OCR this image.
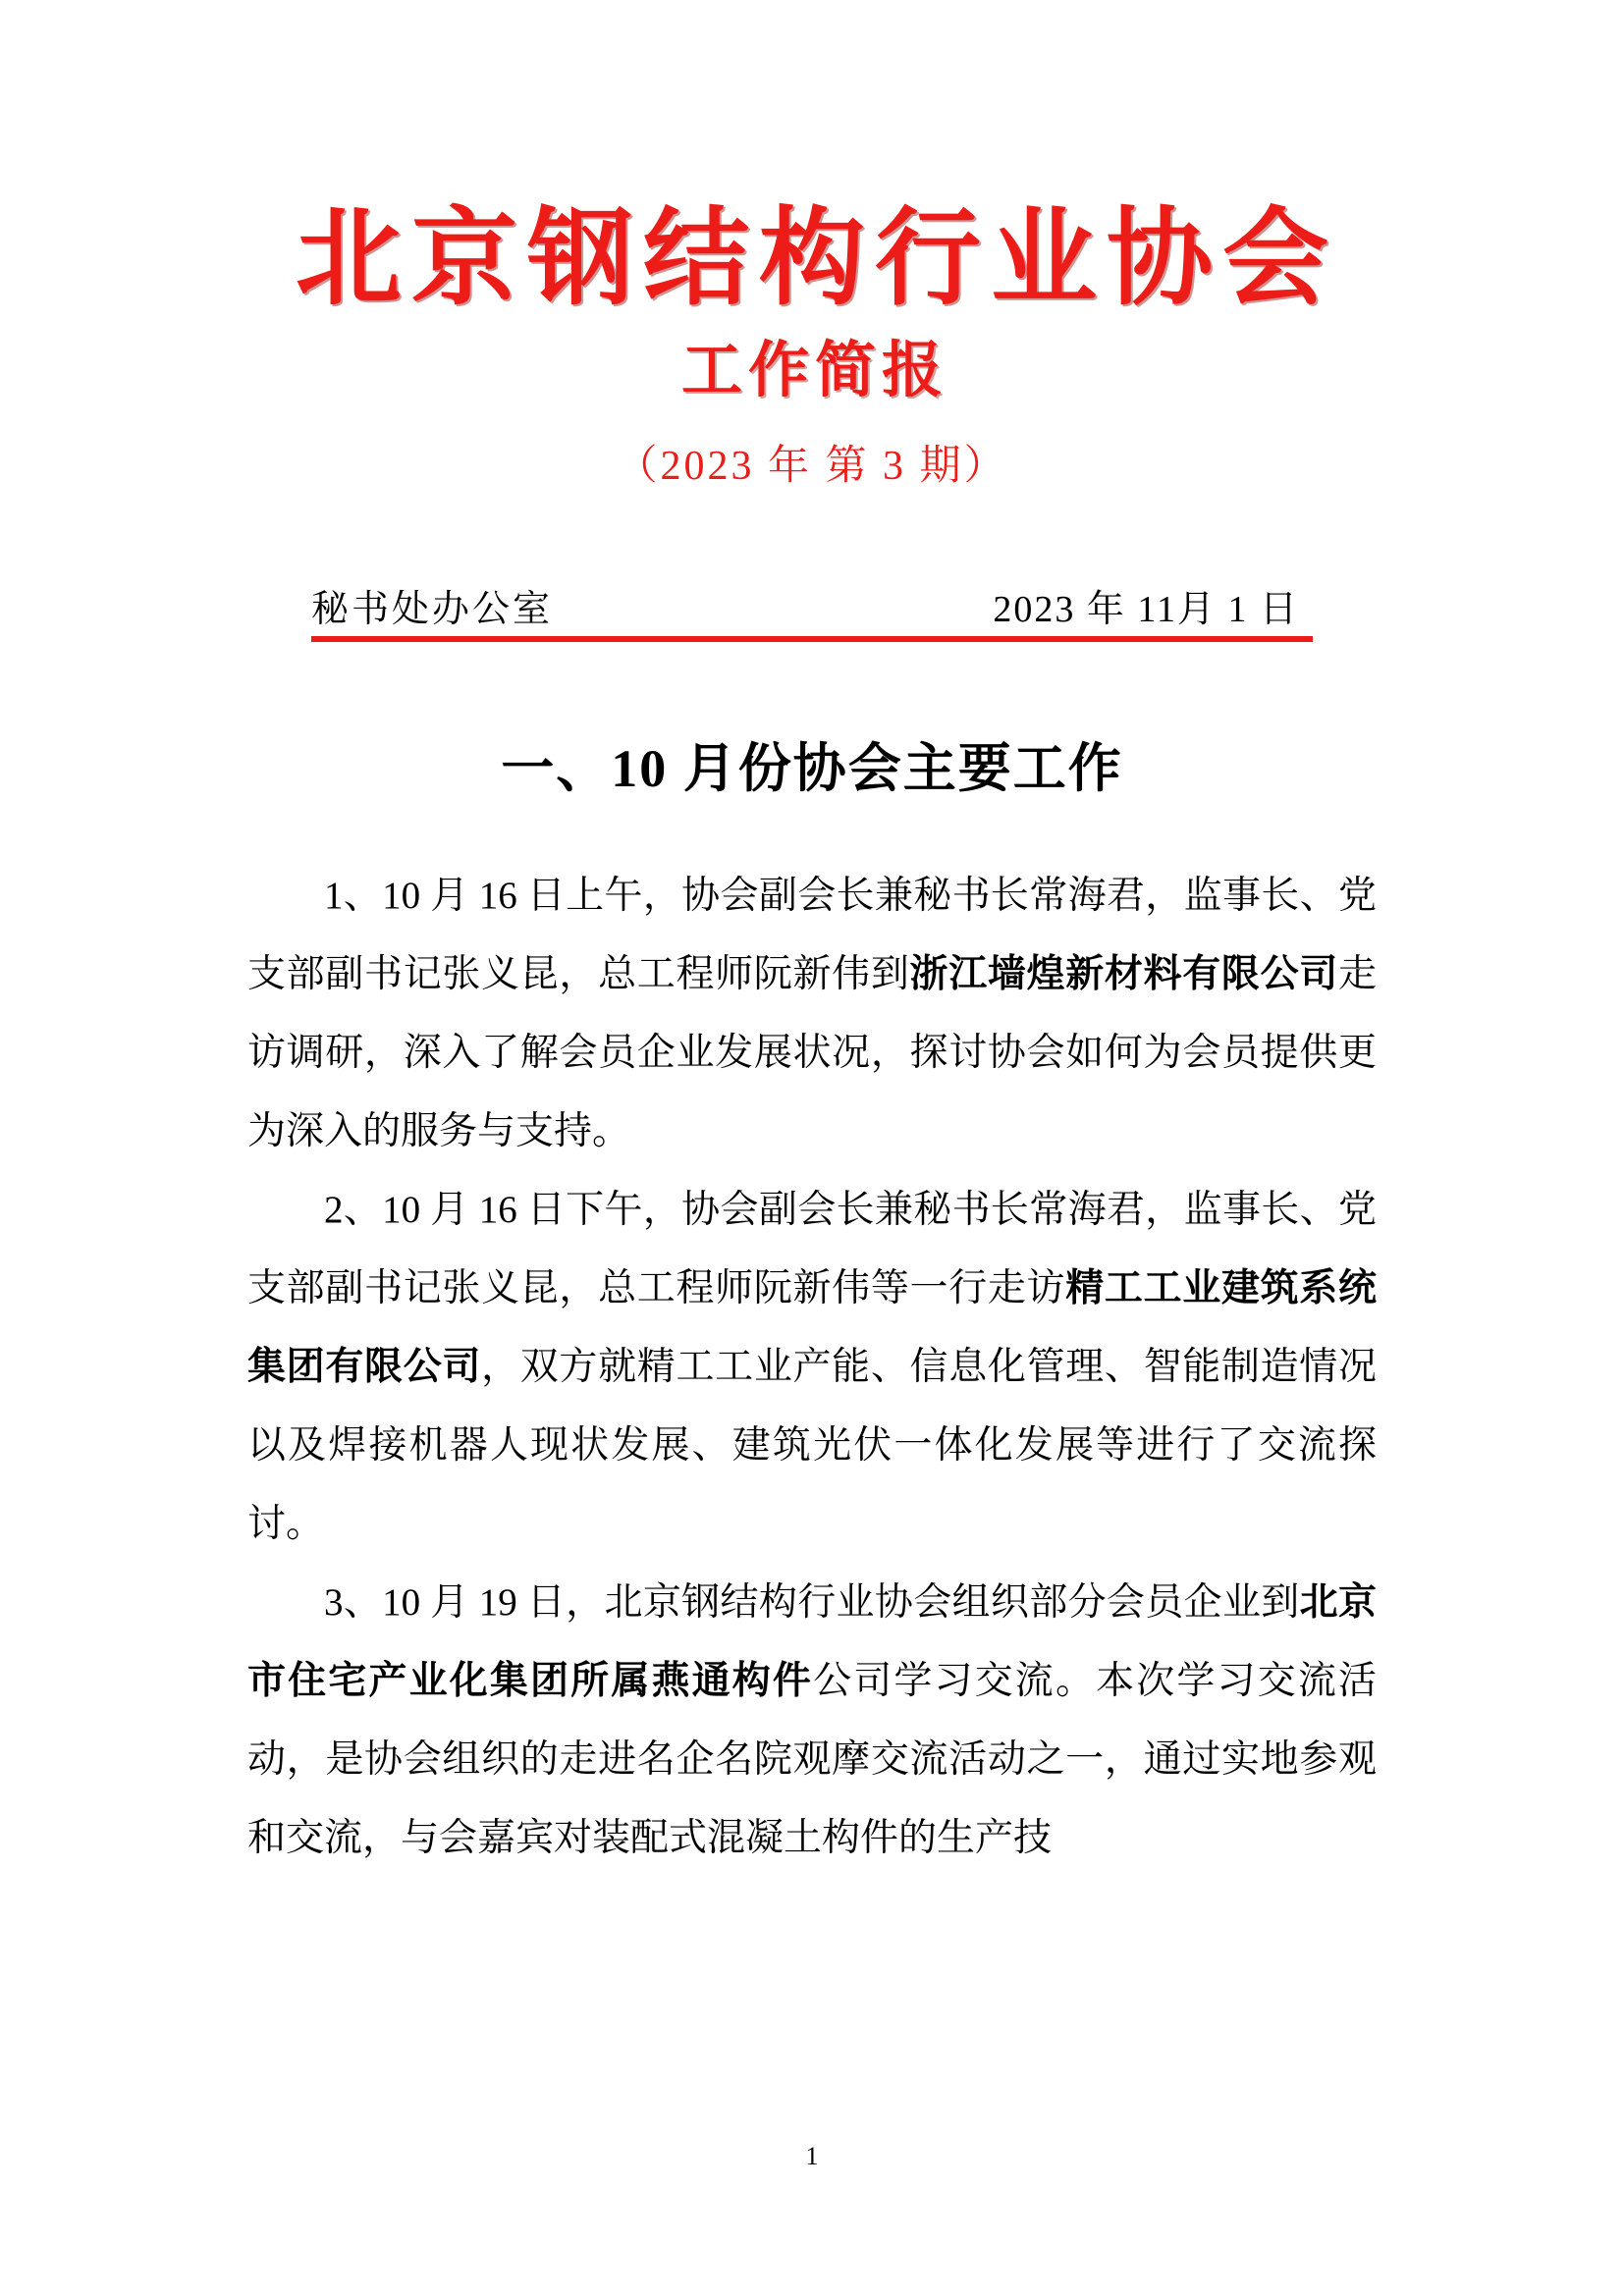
北京钢结构行业协会
工作简报
（2023 年 第 3 期）
秘书处办公室	2023 年 11月 1 日
一、10 月份协会主要工作
1、10 月 16 日上午，协会副会长兼秘书长常海君，监事长、党支部副书记张义昆，总工程师阮新伟到浙江墙煌新材料有限公司走访调研，深入了解会员企业发展状况，探讨协会如何为会员提供更为深入的服务与支持。
2、10 月 16 日下午，协会副会长兼秘书长常海君，监事长、党支部副书记张义昆，总工程师阮新伟等一行走访精工工业建筑系统集团有限公司，双方就精工工业产能、信息化管理、智能制造情况以及焊接机器人现状发展、建筑光伏一体化发展等进行了交流探讨。
3、10 月 19 日，北京钢结构行业协会组织部分会员企业到北京市住宅产业化集团所属燕通构件公司学习交流。本次学习交流活动，是协会组织的走进名企名院观摩交流活动之一，通过实地参观和交流，与会嘉宾对装配式混凝土构件的生产技
1
